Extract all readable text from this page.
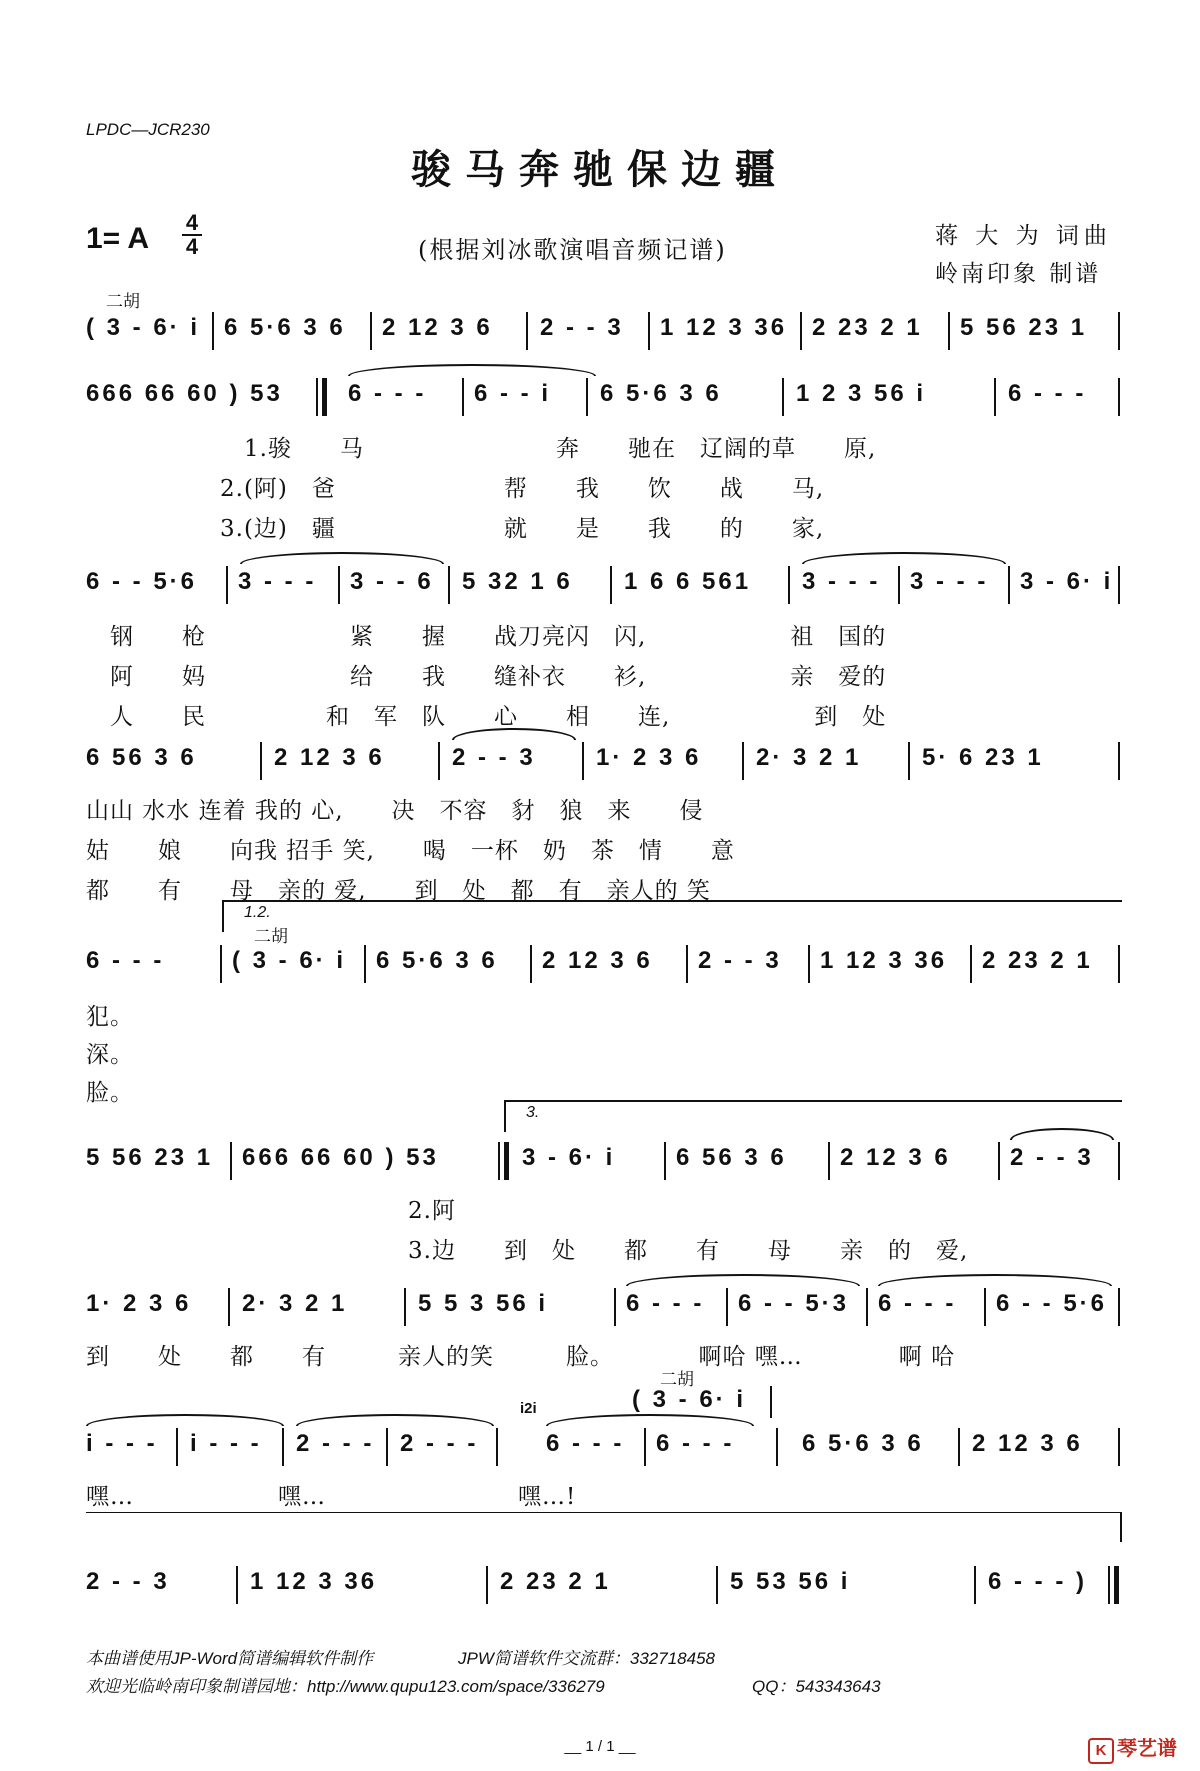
LPDC—JCR230
骏马奔驰保边疆
1= A 4
4	(根据刘冰歌演唱音频记谱)	蒋 大 为 词曲
岭南印象 制谱
二胡
( 3 - 6· i 6 5·6 3 6 2 12 3 6 2 - - 3 1 12 3 36 2 23 2 1 5 56 23 1
666 66 60 ) 53	6 - - - 6 - - i 6 5·6 3 6	1 2 3 56 i	6 - - -
1.骏　　马　　　　　　　　奔　　驰在　辽阔的草　　原,
2.(阿)　爸　　　　　　　帮　　我　　饮　　战　　马,
3.(边)　疆　　　　　　　就　　是　　我　　的　　家,
6 - - 5·6 3 - - - 3 - - 6 5 32 1 6 1 6 6 561 3 - - - 3 - - - 3 - 6· i
钢　　枪　　　　　　紧　　握　　战刀亮闪　闪,　　　　　　祖　国的
阿　　妈　　　　　　给　　我　　缝补衣　　衫,　　　　　　亲　爱的
人　　民　　　　　和　军　队　　心　　相　　连,　　　　　　到　处
6 56 3 6	2 12 3 6	2 - - 3	1· 2 3 6 2· 3 2 1	5· 6 23 1
山山 水水 连着 我的 心,　　决　不容　豺　狼　来　　侵
姑　　娘　　向我 招手 笑,　　喝　一杯　奶　茶　情　　意
都　　有　　母　亲的 爱,　　到　处　都　有　亲人的 笑
1.2.
二胡
6 - - -	( 3 - 6· i 6 5·6 3 6 2 12 3 6 2 - - 3 1 12 3 36 2 23 2 1
犯。
深。
脸。
3.
5 56 23 1 666 66 60 ) 53	3 - 6· i	6 56 3 6 2 12 3 6 2 - - 3
2.阿
3.边　　到　处　　都　　有　　母　　亲　的　爱,
1· 2 3 6 2· 3 2 1	5 5 3 56 i	6 - - - 6 - - 5·3 6 - - - 6 - - 5·6
到　　处　　都　　有　　　亲人的笑　　　脸。　　　　啊哈 嘿…　　　　啊 哈
二胡
( 3 - 6· i
i2i
i - - - i - - - 2 - - - 2 - - -	6 - - - 6 - - -	6 5·6 3 6 2 12 3 6
嘿…　　　　　　嘿…　　　　　　　　嘿…!
2 - - 3	1 12 3 36	2 23 2 1	5 53 56 i	6 - - - )
本曲谱使用JP-Word简谱编辑软件制作	JPW简谱软件交流群：332718458
欢迎光临岭南印象制谱园地：http://www.qupu123.com/space/336279	QQ：543343643
__ 1 / 1 __	K 琴艺谱
